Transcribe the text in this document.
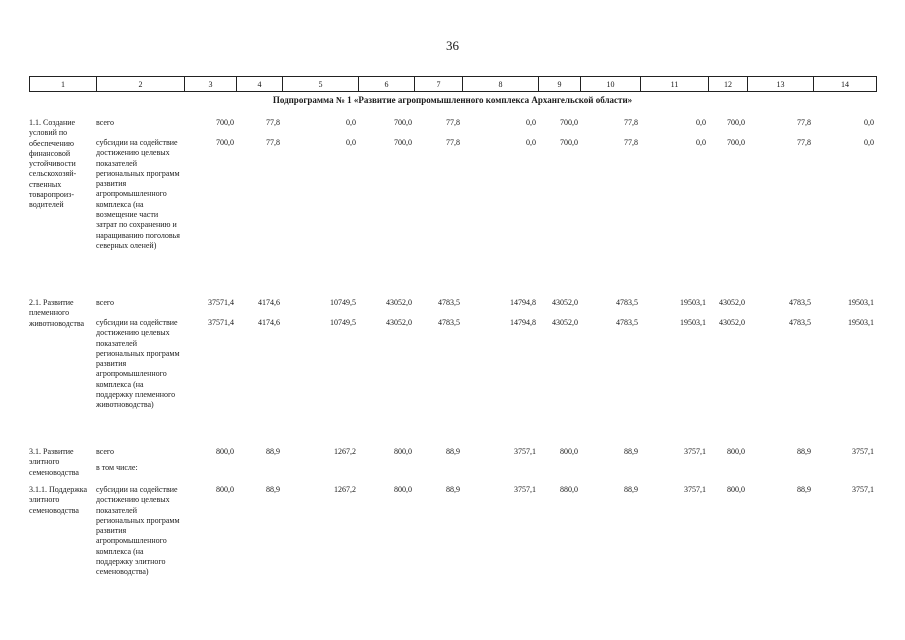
36
1	2	3	4	5	6	7	8	9	10	11	12	13	14
Подпрограмма № 1 «Развитие агропромышленного комплекса Архангельской области»
1.1. Создание условий по обеспечению финансовой устойчивости сельскохозяй-ственных товаропроиз-водителей	всего	700,0	77,8	0,0	700,0	77,8	0,0	700,0	77,8	0,0	700,0	77,8	0,0
	субсидии на содействие достижению целевых показателей региональных программ развития агропромышленного комплекса (на возмещение части затрат по сохранению и наращиванию поголовья северных оленей)	700,0	77,8	0,0	700,0	77,8	0,0	700,0	77,8	0,0	700,0	77,8	0,0
2.1. Развитие племенного животноводства	всего	37571,4	4174,6	10749,5	43052,0	4783,5	14794,8	43052,0	4783,5	19503,1	43052,0	4783,5	19503,1
	субсидии на содействие достижению целевых показателей региональных программ развития агропромышленного комплекса (на поддержку племенного животноводства)	37571,4	4174,6	10749,5	43052,0	4783,5	14794,8	43052,0	4783,5	19503,1	43052,0	4783,5	19503,1
3.1. Развитие элитного семеноводства	всего	800,0	88,9	1267,2	800,0	88,9	3757,1	800,0	88,9	3757,1	800,0	88,9	3757,1
	в том числе:												
3.1.1. Поддержка элитного семеноводства	субсидии на содействие достижению целевых показателей региональных программ развития агропромышленного комплекса (на поддержку элитного семеноводства)	800,0	88,9	1267,2	800,0	88,9	3757,1	880,0	88,9	3757,1	800,0	88,9	3757,1
